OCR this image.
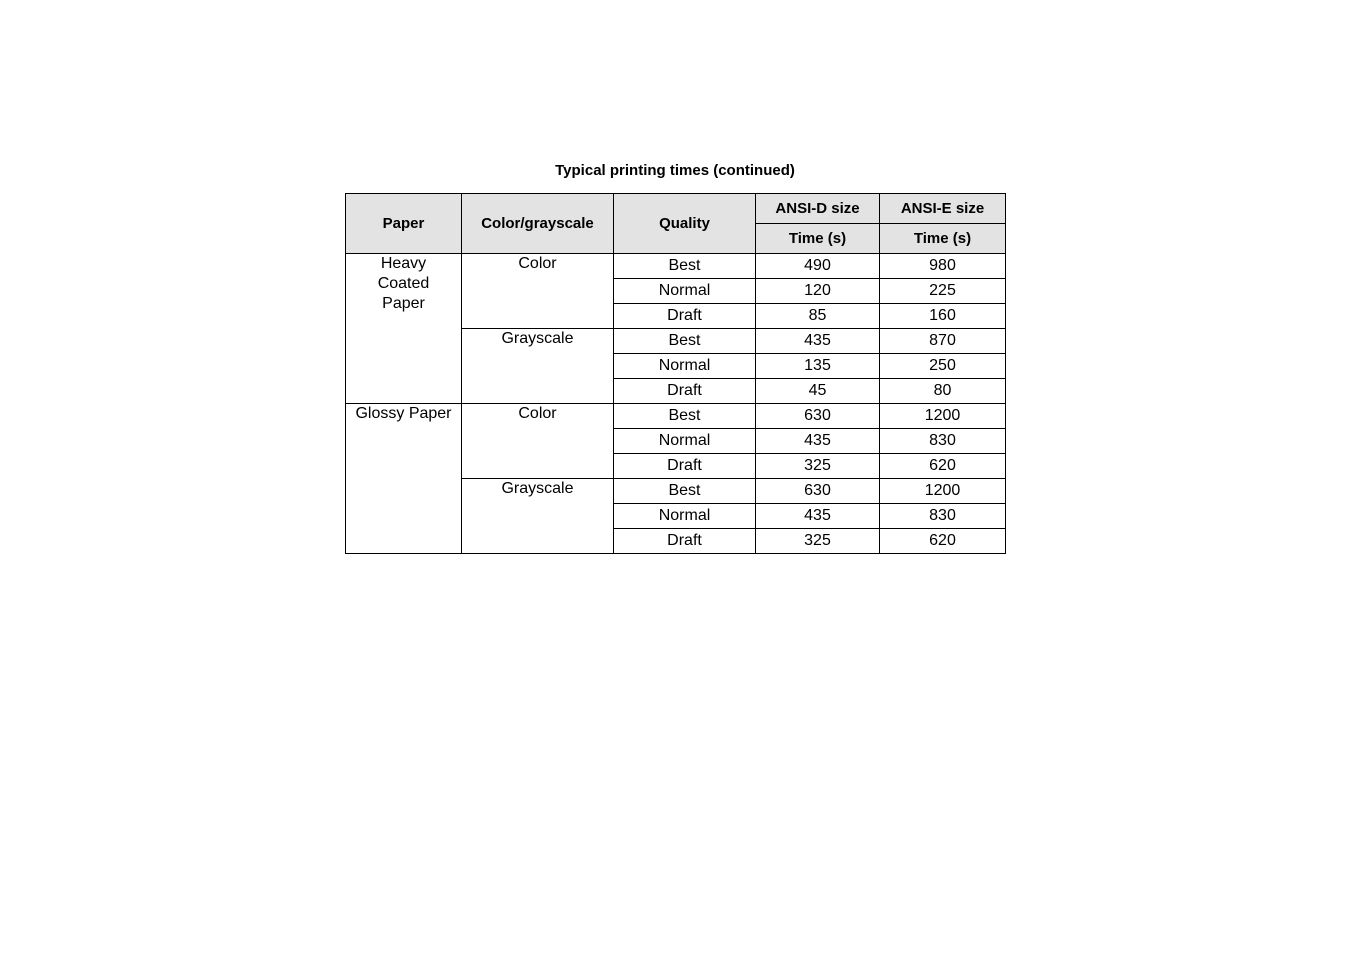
Typical printing times (continued)
Paper	Color/grayscale	Quality	ANSI-D size	ANSI-E size
			Time (s)	Time (s)
Heavy Coated Paper	Color	Best	490	980
		Normal	120	225
		Draft	85	160
	Grayscale	Best	435	870
		Normal	135	250
		Draft	45	80
Glossy Paper	Color	Best	630	1200
		Normal	435	830
		Draft	325	620
	Grayscale	Best	630	1200
		Normal	435	830
		Draft	325	620
